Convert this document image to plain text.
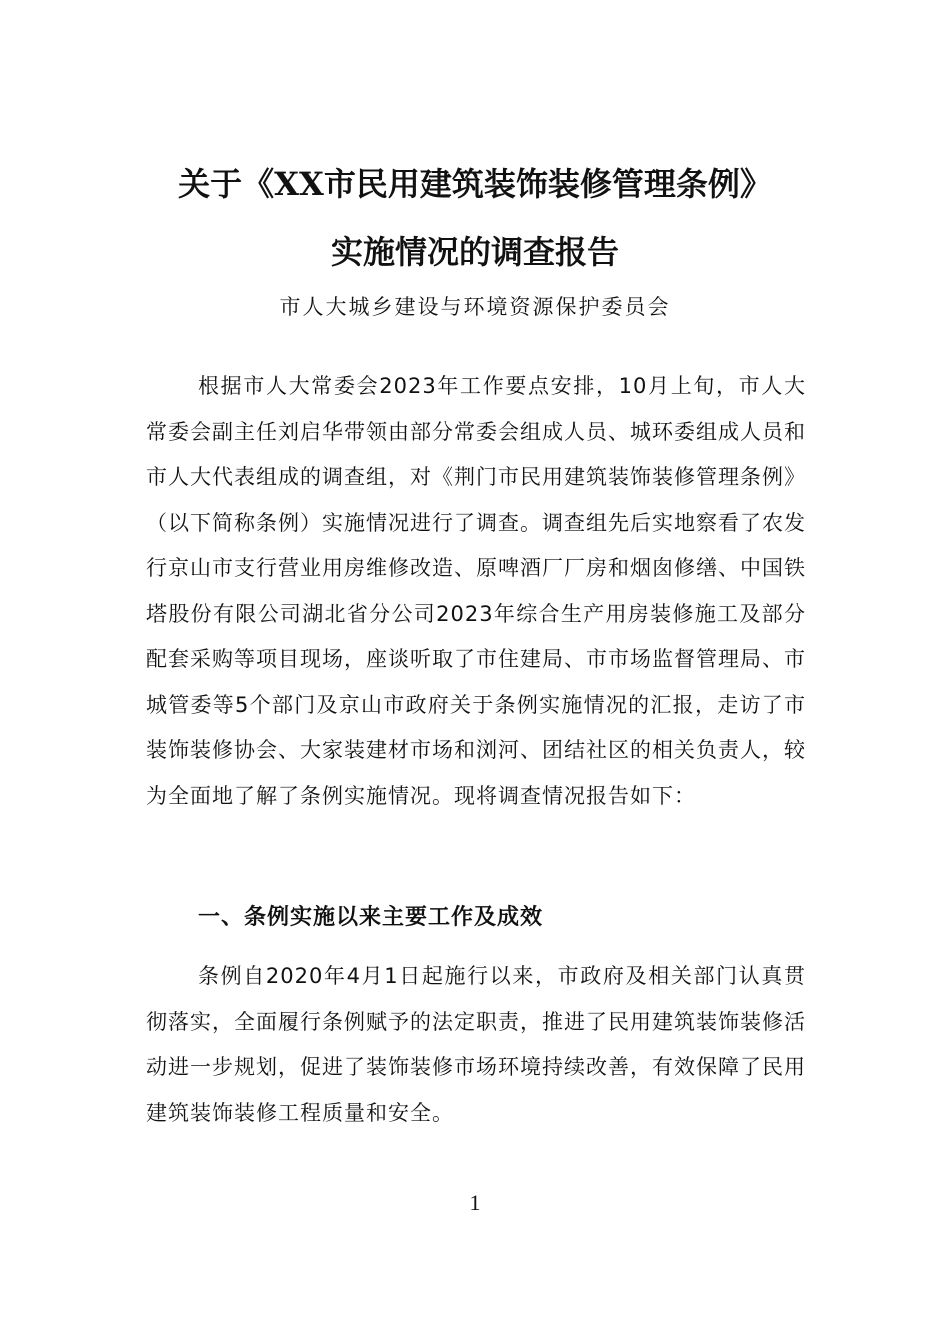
关于《XX市民用建筑装饰装修管理条例》
实施情况的调查报告
市人大城乡建设与环境资源保护委员会
根据市人大常委会2023年工作要点安排，10月上旬，市人大常委会副主任刘启华带领由部分常委会组成人员、城环委组成人员和市人大代表组成的调查组，对《荆门市民用建筑装饰装修管理条例》（以下简称条例）实施情况进行了调查。调查组先后实地察看了农发行京山市支行营业用房维修改造、原啤酒厂厂房和烟囱修缮、中国铁塔股份有限公司湖北省分公司2023年综合生产用房装修施工及部分配套采购等项目现场，座谈听取了市住建局、市市场监督管理局、市城管委等5个部门及京山市政府关于条例实施情况的汇报，走访了市装饰装修协会、大家装建材市场和浏河、团结社区的相关负责人，较为全面地了解了条例实施情况。现将调查情况报告如下：
一、条例实施以来主要工作及成效
条例自2020年4月1日起施行以来，市政府及相关部门认真贯彻落实，全面履行条例赋予的法定职责，推进了民用建筑装饰装修活动进一步规划，促进了装饰装修市场环境持续改善，有效保障了民用建筑装饰装修工程质量和安全。
1
